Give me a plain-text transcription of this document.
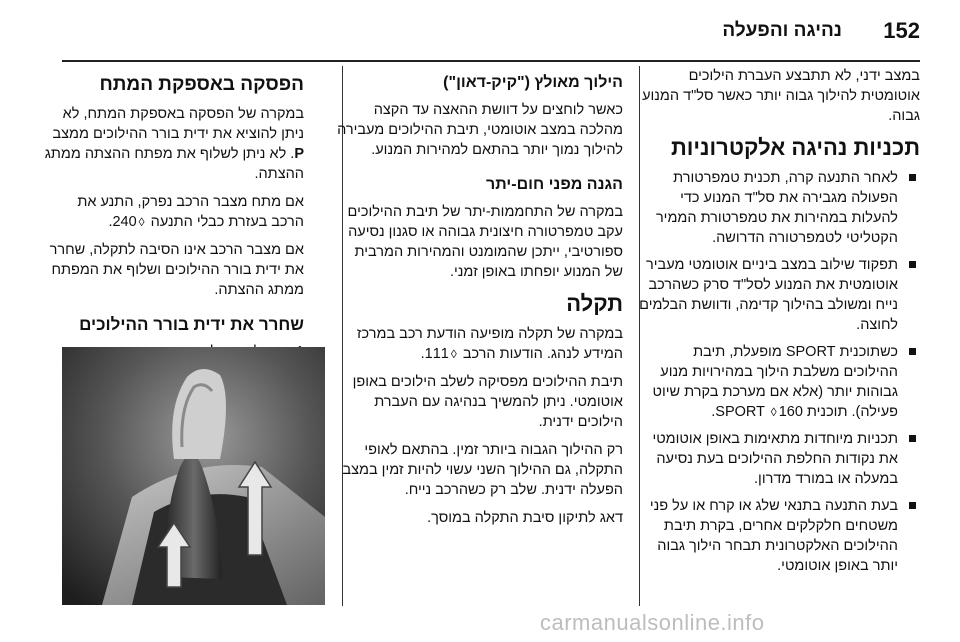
152
נהיגה והפעלה

במצב ידני, לא תתבצע העברת הילוכים אוטומטית להילוך גבוה יותר כאשר סל"ד המנוע גבוה.

תכניות נהיגה אלקטרוניות
לאחר התנעה קרה, תכנית טמפרטורת הפעולה מגבירה את סל"ד המנוע כדי להעלות במהירות את טמפרטורת הממיר הקטליטי לטמפרטורה הדרושה.
תפקוד שילוב במצב ביניים אוטומטי מעביר אוטומטית את המנוע לסל"ד סרק כשהרכב נייח ומשולב בהילוך קדימה, ודוושת הבלמים לחוצה.
כשתוכנית SPORT מופעלת, תיבת ההילוכים משלבת הילוך במהירויות מנוע גבוהות יותר (אלא אם מערכת בקרת שיוט פעילה). תוכנית SPORT ◊ 160.
תכניות מיוחדות מתאימות באופן אוטומטי את נקודות החלפת ההילוכים בעת נסיעה במעלה או במורד מדרון.
בעת התנעה בתנאי שלג או קרח או על פני משטחים חלקלקים אחרים, בקרת תיבת ההילוכים האלקטרונית תבחר הילוך גבוה יותר באופן אוטומטי.
הילוך מאולץ ("קיק-דאון")

כאשר לוחצים על דוושת ההאצה עד הקצה מהלכה במצב אוטומטי, תיבת ההילוכים מעבירה להילוך נמוך יותר בהתאם למהירות המנוע.

הגנה מפני חום-יתר

במקרה של התחממות-יתר של תיבת ההילוכים עקב טמפרטורה חיצונית גבוהה או סגנון נסיעה ספורטיבי, ייתכן שהמומנט והמהירות המרבית של המנוע יופחתו באופן זמני.

תקלה

במקרה של תקלה מופיעה הודעת רכב במרכז המידע לנהג. הודעות הרכב ◊111.

תיבת ההילוכים מפסיקה לשלב הילוכים באופן אוטומטי. ניתן להמשיך בנהיגה עם העברת הילוכים ידנית.

רק ההילוך הגבוה ביותר זמין. בהתאם לאופי התקלה, גם ההילוך השני עשוי להיות זמין במצב הפעלה ידנית. שלב רק כשהרכב נייח.

דאג לתיקון סיבת התקלה במוסך.

הפסקה באספקת המתח

במקרה של הפסקה באספקת המתח, לא ניתן להוציא את ידית בורר ההילוכים ממצב P. לא ניתן לשלוף את מפתח ההצתה ממתג ההצתה.

אם מתח מצבר הרכב נפרק, התנע את הרכב בעזרת כבלי התנעה ◊240.

אם מצבר הרכב אינו הסיבה לתקלה, שחרר את ידית בורר ההילוכים ושלוף את המפתח ממתג ההצתה.

שחרר את ידית בורר ההילוכים
carmanualsonline.info
